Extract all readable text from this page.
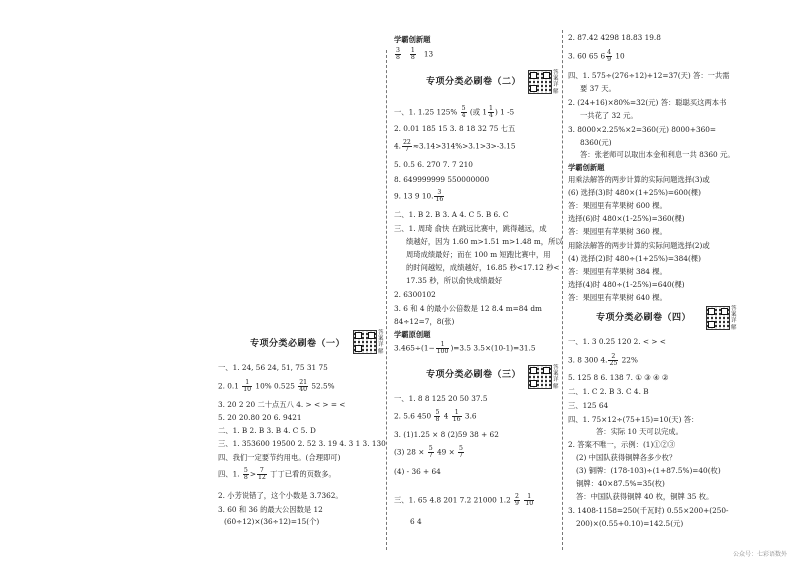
答案详解
专项分类必刷卷（一）
一、1. 24, 56 24, 51, 75 31 75
2. $0.1 \frac{1}{10} 10\%$ $0.525 \frac{21}{40} 52.5\%$
3. 20 2 20 二十点五八 4. > < > = <
5. 20 20.80 20 6. 9421
二、1. B 2. B 3. B 4. C 5. D
三、1. 353600 19500 2. 52 3. 19 4. 3 1 3. 130
四、我们一定要节约用电。(合理即可)
四、1. $\frac{5}{8} > \frac{7}{12}$ 丁丁已看的页数多。
2. 小芳说错了，这个小数是 3.7362。
3. 60 和 36 的最大公因数是 12
(60÷12)×(36÷12)=15(个)
学霸创新题
$\frac{3}{8}$
$\frac{1}{8} 13$
专项分类必刷卷（二）
答案详解
一、1. 1.25 $125\% \frac{5}{4}$ (或 $1 \frac{1}{4}$ ) 1 -5
2. 0.01 185 15 3. 8 18 32 75 七五
4. $\frac{22}{7} \approx 3.14>314\%>3.1>3>-3.15$
5. 0.5 6. 270 7. 7 210
8. 649999999 550000000
9. 13 9 10. $\frac{3}{16}$
二、1. B 2. B 3. A 4. C 5. B 6. C
三、1. 周琦 俞快 在跳远比赛中，跳得越远，成
绩越好，因为 1.60 m>1.51 m>1.48 m，所以
周琦成绩最好；而在 100 m 短跑比赛中，用
的时间越短，成绩越好，16.85 秒<17.12 秒<
17.35 秒，所以俞快成绩最好
2. 6300102
3. 6 和 4 的最小公倍数是 12 8.4 m=84 dm
84÷12=7，8(张)
学霸原创题
$3.465\div(1- \frac{1}{100} )=3.5$ 3.5×(10-1)=31.5
专项分类必刷卷（三）
答案详解
一、1. 8 8 125 20 50 37.5
2. 5.6 $450 \frac{5}{8} 4 \frac{1}{16} 3.6$
3. (1)1.25 × 8 (2)59 38 + 62
(3) $28 \times \frac{5}{7} 49 \times \frac{5}{7}$
(4) - 36 + 64
三、1. 65 4.8 201 7.2 21000 $1.2 \frac{2}{9}$
$\frac{1}{10}$
6 4
2. 87.42 4298 18.83 19.8
3. 60 65 $6 \frac{4}{9} 10$
四、1. 575÷(276÷12)+12=37(天) 答：一共需
要 37 天。
2. (24+16)×80%=32(元) 答：聪聪买这两本书
一共花了 32 元。
3. 8000×2.25%×2=360(元) 8000+360=
8360(元)
答：张老师可以取出本金和利息一共 8360 元。
学霸创新题
用乘法解答的两步计算的实际问题选择(3)或
(6) 选择(3)时 480×(1+25%)=600(棵)
答：果园里有苹果树 600 棵。
选择(6)时 480×(1-25%)=360(棵)
答：果园里有苹果树 360 棵。
用除法解答的两步计算的实际问题选择(2)或
(4) 选择(2)时 480÷(1+25%)=384(棵)
答：果园里有苹果树 384 棵。
选择(4)时 480÷(1-25%)=640(棵)
答：果园里有苹果树 640 棵。
专项分类必刷卷（四）
答案详解
一、1. 3 0.25 120 2. < > <
3. 8 300 4. $\frac{2}{25} 22\%$
5. 125 8 6. 138 7. ① ③ ④ ②
二、1. C 2. B 3. C 4. B
三、125 64
四、1. 75×12÷(75+15)=10(天) 答：
答：实际 10 天可以完成。
2. 答案不唯一，示例：(1)①②③
(2) 中国队获得铜牌各多少枚？
(3) 铜牌：(178-103)÷(1+87.5%)=40(枚)
铜牌：40×87.5%=35(枚)
答：中国队获得铜牌 40 枚，铜牌 35 枚。
3. 1408-1158=250(千瓦时) 0.55×200+(250-
200)×(0.55+0.10)=142.5(元)
公众号：七彩语数外
